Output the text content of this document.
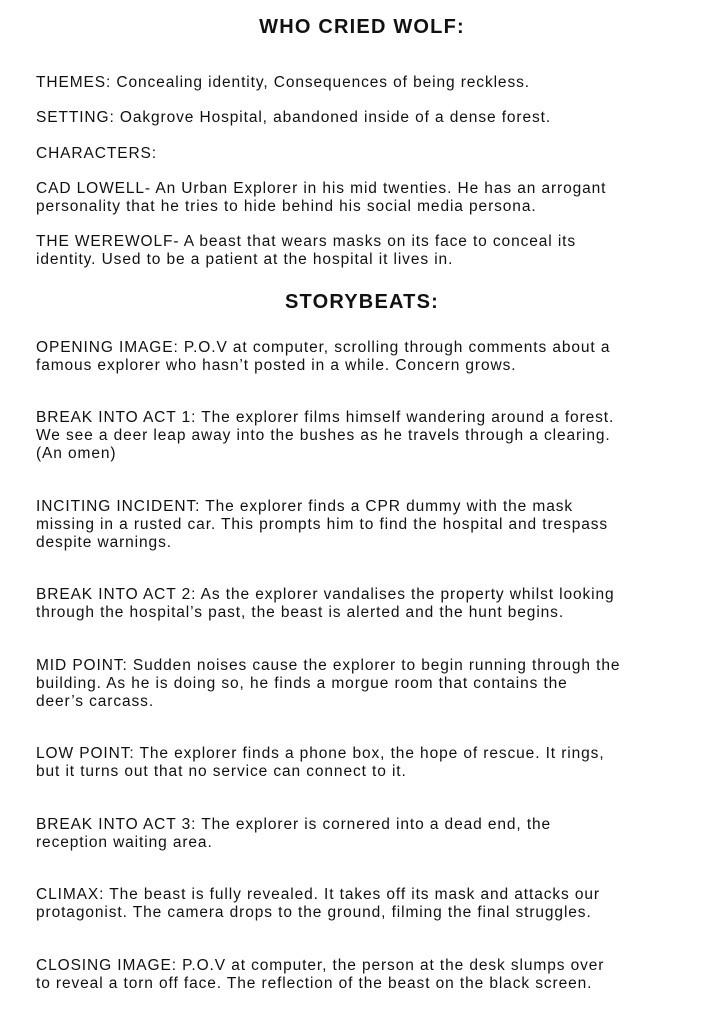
WHO CRIED WOLF:

THEMES: Concealing identity, Consequences of being reckless.

SETTING: Oakgrove Hospital, abandoned inside of a dense forest.

CHARACTERS:

CAD LOWELL- An Urban Explorer in his mid twenties. He has an arrogant
personality that he tries to hide behind his social media persona.

THE WEREWOLF- A beast that wears masks on its face to conceal its
identity. Used to be a patient at the hospital it lives in.

STORYBEATS:

OPENING IMAGE: P.O.V at computer, scrolling through comments about a
famous explorer who hasn’t posted in a while. Concern grows.

BREAK INTO ACT 1: The explorer films himself wandering around a forest.
We see a deer leap away into the bushes as he travels through a clearing.
(An omen)

INCITING INCIDENT: The explorer finds a CPR dummy with the mask
missing in a rusted car. This prompts him to find the hospital and trespass
despite warnings.

BREAK INTO ACT 2: As the explorer vandalises the property whilst looking
through the hospital’s past, the beast is alerted and the hunt begins.

MID POINT: Sudden noises cause the explorer to begin running through the
building. As he is doing so, he finds a morgue room that contains the
deer’s carcass.

LOW POINT: The explorer finds a phone box, the hope of rescue. It rings,
but it turns out that no service can connect to it.

BREAK INTO ACT 3: The explorer is cornered into a dead end, the
reception waiting area.

CLIMAX: The beast is fully revealed. It takes off its mask and attacks our
protagonist. The camera drops to the ground, filming the final struggles.

CLOSING IMAGE: P.O.V at computer, the person at the desk slumps over
to reveal a torn off face. The reflection of the beast on the black screen.
